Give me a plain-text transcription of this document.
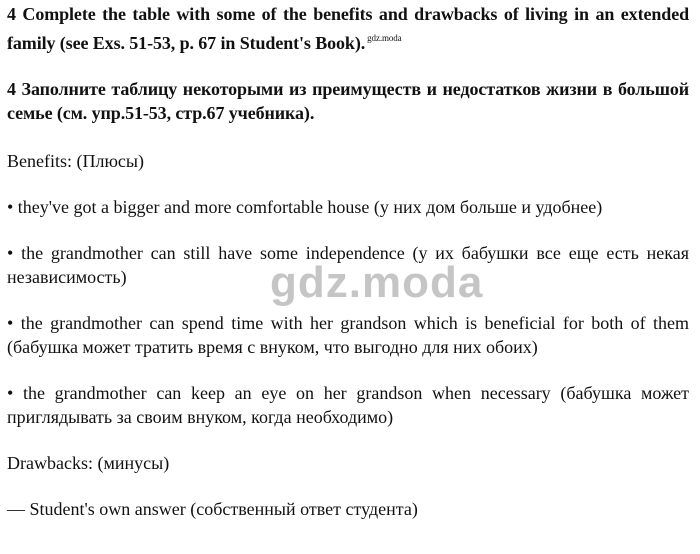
4 Complete the table with some of the benefits and drawbacks of living in an extended family (see Exs. 51-53, p. 67 in Student's Book). $^{gdz.moda}$

4 Заполните таблицу некоторыми из преимуществ и недостатков жизни в большой семье (см. упр.51-53, стр.67 учебника).

Benefits: (Плюсы)

• they've got a bigger and more comfortable house (у них дом больше и удобнее)

• the grandmother can still have some independence (у их бабушки все еще есть некая независимость)

• the grandmother can spend time with her grandson which is beneficial for both of them (бабушка может тратить время с внуком, что выгодно для них обоих)

• the grandmother can keep an eye on her grandson when necessary (бабушка может приглядывать за своим внуком, когда необходимо)

Drawbacks: (минусы)

— Student's own answer (собственный ответ студента)

gdz.moda
